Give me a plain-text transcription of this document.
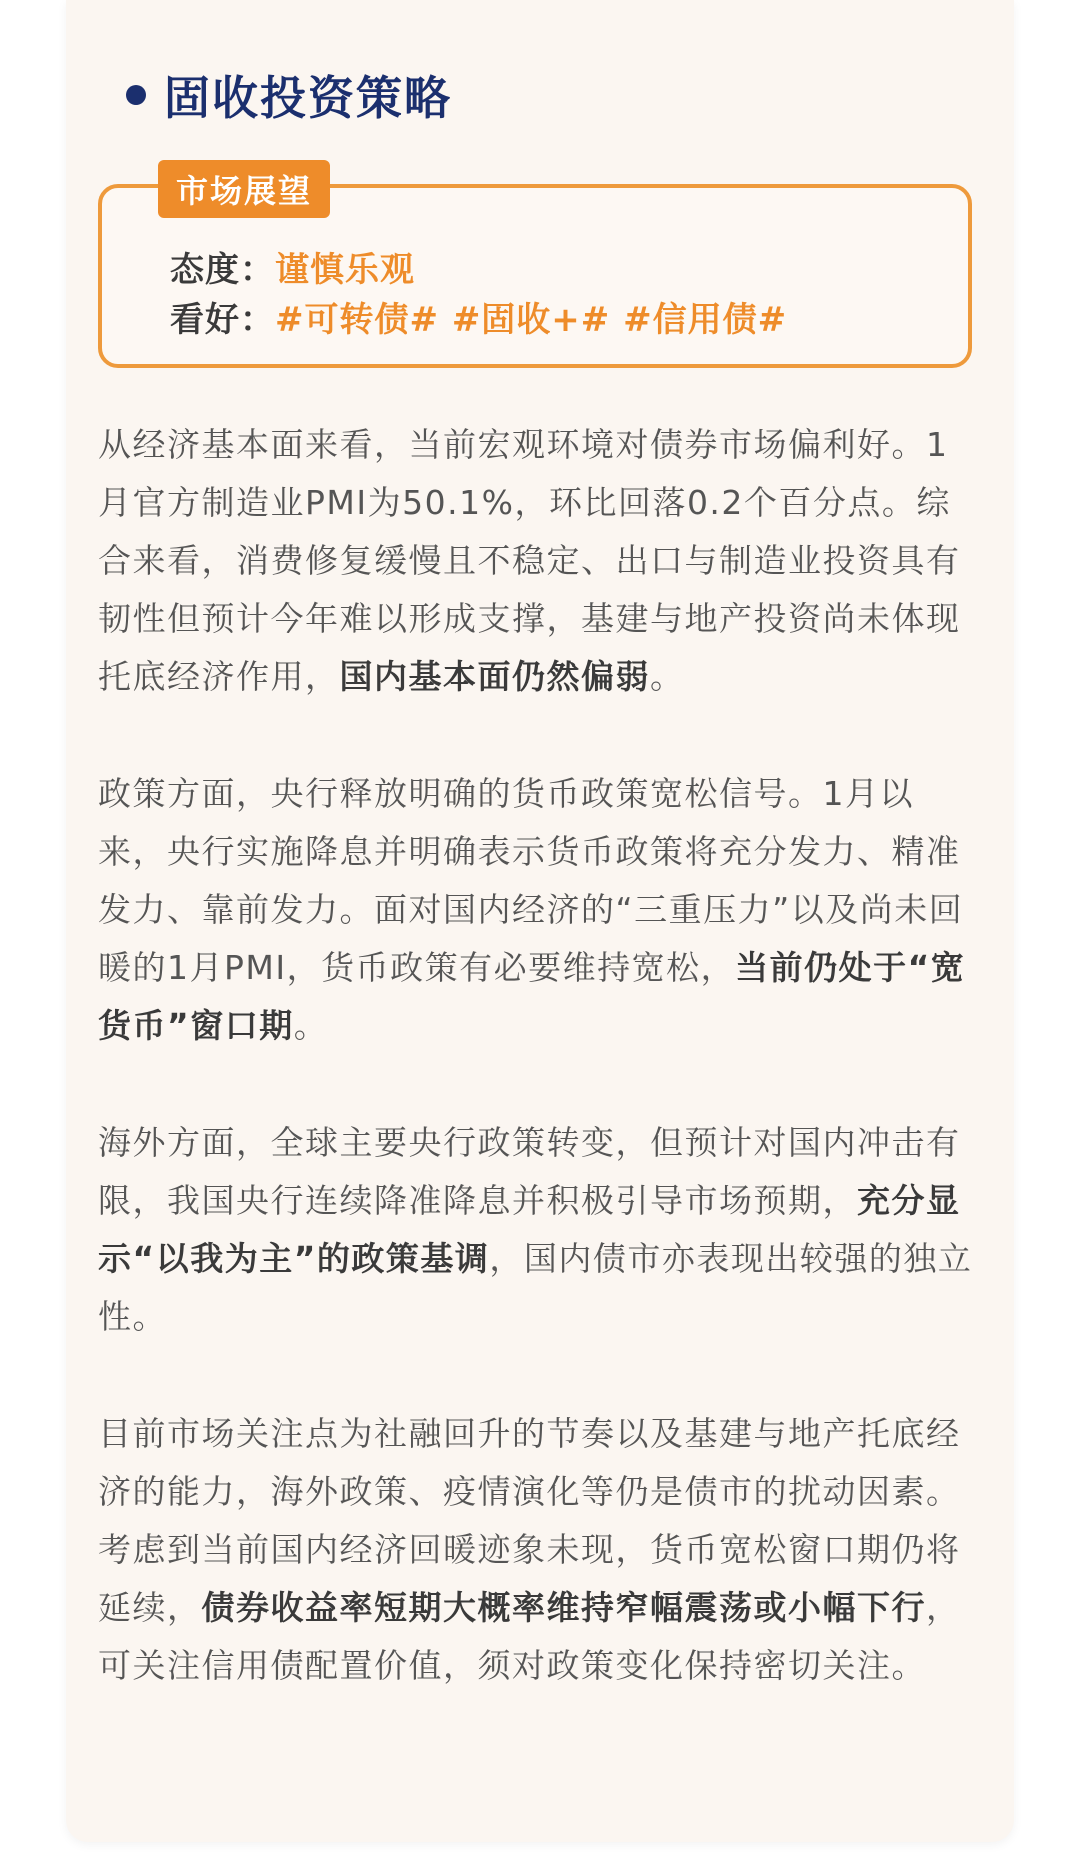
固收投资策略
市场展望
态度：谨慎乐观
看好：#可转债# #固收+# #信用债#

从经济基本面来看，当前宏观环境对债券市场偏利好。1月官方制造业PMI为50.1%，环比回落0.2个百分点。综合来看，消费修复缓慢且不稳定、出口与制造业投资具有韧性但预计今年难以形成支撑，基建与地产投资尚未体现托底经济作用，国内基本面仍然偏弱。

政策方面，央行释放明确的货币政策宽松信号。1月以来，央行实施降息并明确表示货币政策将充分发力、精准发力、靠前发力。面对国内经济的“三重压力”以及尚未回暖的1月PMI，货币政策有必要维持宽松，当前仍处于“宽货币”窗口期。

海外方面，全球主要央行政策转变，但预计对国内冲击有限，我国央行连续降准降息并积极引导市场预期，充分显示“以我为主”的政策基调，国内债市亦表现出较强的独立性。

目前市场关注点为社融回升的节奏以及基建与地产托底经济的能力，海外政策、疫情演化等仍是债市的扰动因素。考虑到当前国内经济回暖迹象未现，货币宽松窗口期仍将延续，债券收益率短期大概率维持窄幅震荡或小幅下行，可关注信用债配置价值，须对政策变化保持密切关注。
